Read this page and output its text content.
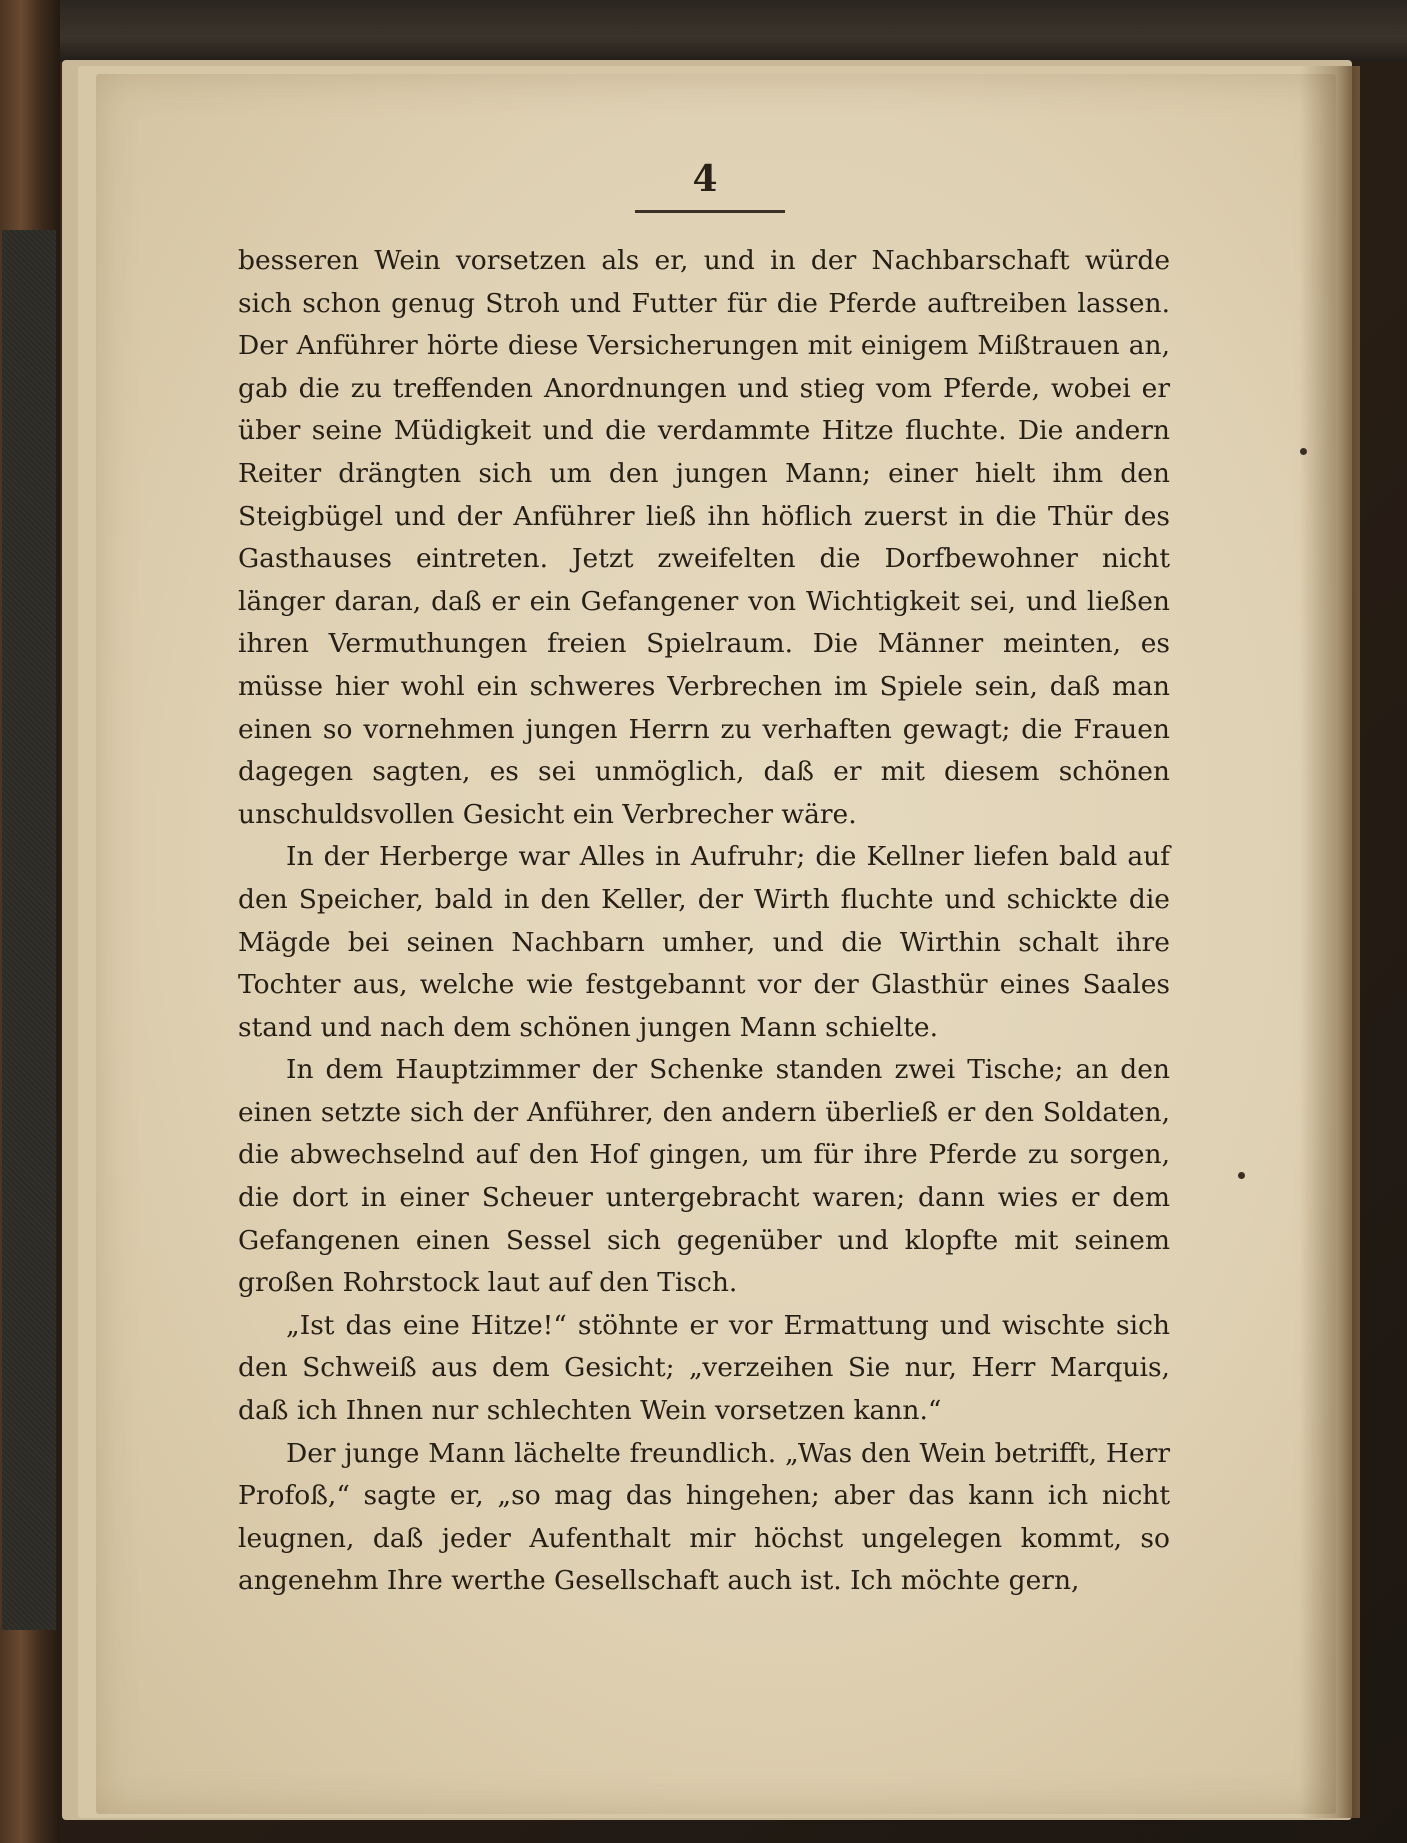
4

besseren Wein vorsetzen als er, und in der Nachbarschaft würde sich schon genug Stroh und Futter für die Pferde auftreiben lassen. Der Anführer hörte diese Versicherungen mit einigem Mißtrauen an, gab die zu treffenden Anordnungen und stieg vom Pferde, wobei er über seine Müdigkeit und die verdammte Hitze fluchte. Die andern Reiter drängten sich um den jungen Mann; einer hielt ihm den Steigbügel und der Anführer ließ ihn höflich zuerst in die Thür des Gasthauses eintreten. Jetzt zweifelten die Dorfbewohner nicht länger daran, daß er ein Gefangener von Wichtigkeit sei, und ließen ihren Vermuthungen freien Spielraum. Die Männer meinten, es müsse hier wohl ein schweres Verbrechen im Spiele sein, daß man einen so vornehmen jungen Herrn zu verhaften gewagt; die Frauen dagegen sagten, es sei unmöglich, daß er mit diesem schönen unschuldsvollen Gesicht ein Verbrecher wäre.

In der Herberge war Alles in Aufruhr; die Kellner liefen bald auf den Speicher, bald in den Keller, der Wirth fluchte und schickte die Mägde bei seinen Nachbarn umher, und die Wirthin schalt ihre Tochter aus, welche wie festgebannt vor der Glasthür eines Saales stand und nach dem schönen jungen Mann schielte.

In dem Hauptzimmer der Schenke standen zwei Tische; an den einen setzte sich der Anführer, den andern überließ er den Soldaten, die abwechselnd auf den Hof gingen, um für ihre Pferde zu sorgen, die dort in einer Scheuer untergebracht waren; dann wies er dem Gefangenen einen Sessel sich gegenüber und klopfte mit seinem großen Rohrstock laut auf den Tisch.

„Ist das eine Hitze!“ stöhnte er vor Ermattung und wischte sich den Schweiß aus dem Gesicht; „verzeihen Sie nur, Herr Marquis, daß ich Ihnen nur schlechten Wein vorsetzen kann.“

Der junge Mann lächelte freundlich. „Was den Wein betrifft, Herr Profoß,“ sagte er, „so mag das hingehen; aber das kann ich nicht leugnen, daß jeder Aufenthalt mir höchst ungelegen kommt, so angenehm Ihre werthe Gesellschaft auch ist. Ich möchte gern,
